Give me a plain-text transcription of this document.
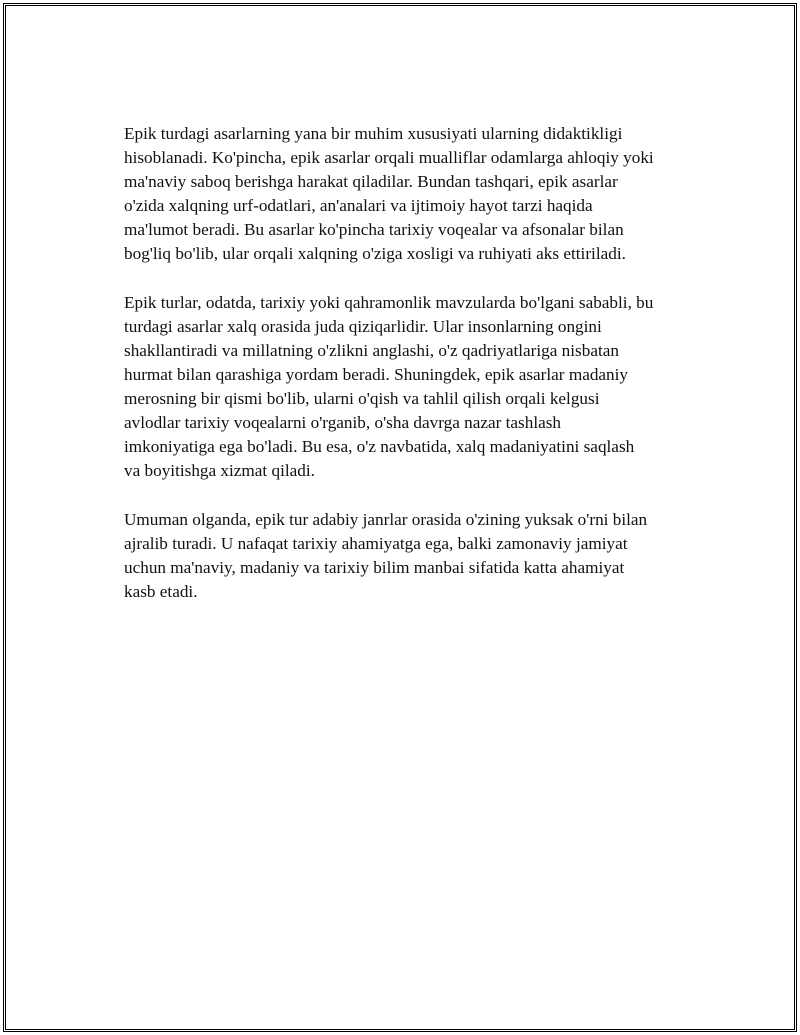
Epik turdagi asarlarning yana bir muhim xususiyati ularning didaktikligi
hisoblanadi. Ko'pincha, epik asarlar orqali mualliflar odamlarga ahloqiy yoki
ma'naviy saboq berishga harakat qiladilar. Bundan tashqari, epik asarlar
o'zida xalqning urf-odatlari, an'analari va ijtimoiy hayot tarzi haqida
ma'lumot beradi. Bu asarlar ko'pincha tarixiy voqealar va afsonalar bilan
bog'liq bo'lib, ular orqali xalqning o'ziga xosligi va ruhiyati aks ettiriladi.

Epik turlar, odatda, tarixiy yoki qahramonlik mavzularda bo'lgani sababli, bu
turdagi asarlar xalq orasida juda qiziqarlidir. Ular insonlarning ongini
shakllantiradi va millatning o'zlikni anglashi, o'z qadriyatlariga nisbatan
hurmat bilan qarashiga yordam beradi. Shuningdek, epik asarlar madaniy
merosning bir qismi bo'lib, ularni o'qish va tahlil qilish orqali kelgusi
avlodlar tarixiy voqealarni o'rganib, o'sha davrga nazar tashlash
imkoniyatiga ega bo'ladi. Bu esa, o'z navbatida, xalq madaniyatini saqlash
va boyitishga xizmat qiladi.

Umuman olganda, epik tur adabiy janrlar orasida o'zining yuksak o'rni bilan
ajralib turadi. U nafaqat tarixiy ahamiyatga ega, balki zamonaviy jamiyat
uchun ma'naviy, madaniy va tarixiy bilim manbai sifatida katta ahamiyat
kasb etadi.
